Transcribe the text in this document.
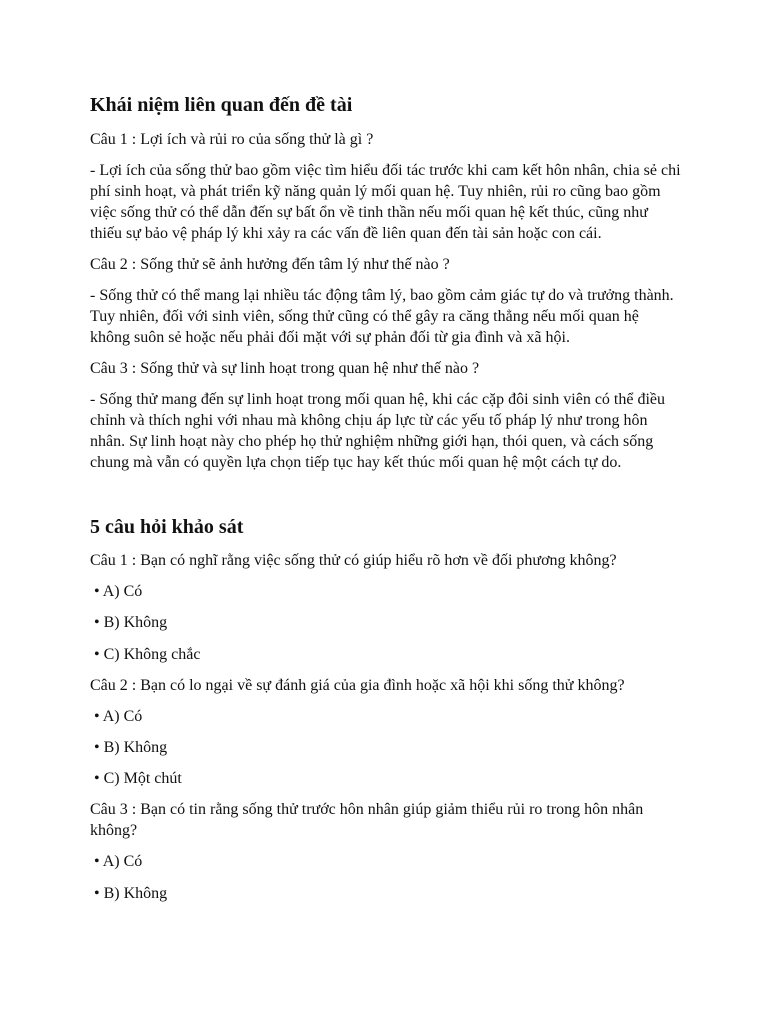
Khái niệm liên quan đến đề tài

Câu 1 : Lợi ích và rủi ro của sống thử là gì ?

- Lợi ích của sống thử bao gồm việc tìm hiểu đối tác trước khi cam kết hôn nhân, chia sẻ chi phí sinh hoạt, và phát triển kỹ năng quản lý mối quan hệ. Tuy nhiên, rủi ro cũng bao gồm việc sống thử có thể dẫn đến sự bất ổn về tinh thần nếu mối quan hệ kết thúc, cũng như thiếu sự bảo vệ pháp lý khi xảy ra các vấn đề liên quan đến tài sản hoặc con cái.

Câu 2 : Sống thử sẽ ảnh hưởng đến tâm lý như thế nào ?

- Sống thử có thể mang lại nhiều tác động tâm lý, bao gồm cảm giác tự do và trưởng thành. Tuy nhiên, đối với sinh viên, sống thử cũng có thể gây ra căng thẳng nếu mối quan hệ không suôn sẻ hoặc nếu phải đối mặt với sự phản đối từ gia đình và xã hội.

Câu 3 : Sống thử và sự linh hoạt trong quan hệ như thế nào ?

- Sống thử mang đến sự linh hoạt trong mối quan hệ, khi các cặp đôi sinh viên có thể điều chỉnh và thích nghi với nhau mà không chịu áp lực từ các yếu tố pháp lý như trong hôn nhân. Sự linh hoạt này cho phép họ thử nghiệm những giới hạn, thói quen, và cách sống chung mà vẫn có quyền lựa chọn tiếp tục hay kết thúc mối quan hệ một cách tự do.

5 câu hỏi khảo sát

Câu 1 : Bạn có nghĩ rằng việc sống thử có giúp hiểu rõ hơn về đối phương không?

• A) Có

• B) Không

• C) Không chắc

Câu 2 : Bạn có lo ngại về sự đánh giá của gia đình hoặc xã hội khi sống thử không?

• A) Có

• B) Không

• C) Một chút

Câu 3 : Bạn có tin rằng sống thử trước hôn nhân giúp giảm thiểu rủi ro trong hôn nhân không?

• A) Có

• B) Không
